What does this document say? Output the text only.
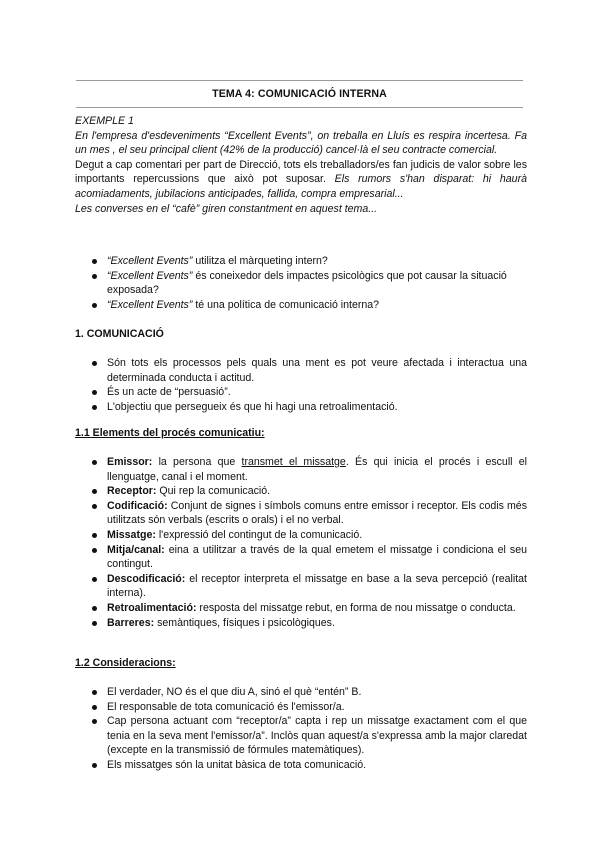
TEMA 4: COMUNICACIÓ INTERNA

EXEMPLE 1

En l'empresa d'esdeveniments “Excellent Events”, on treballa en Lluís es respira incertesa. Fa un mes , el seu principal client (42% de la producció) cancel·là el seu contracte comercial.

Degut a cap comentari per part de Direcció, tots els treballadors/es fan judicis de valor sobre les importants repercussions que això pot suposar. Els rumors s'han disparat: hi haurà acomiadaments, jubilacions anticipades, fallida, compra empresarial...

Les converses en el “cafè” giren constantment en aquest tema...

“Excellent Events” utilitza el màrqueting intern?
“Excellent Events” és coneixedor dels impactes psicològics que pot causar la situació exposada?
“Excellent Events” té una política de comunicació interna?
1. COMUNICACIÓ
Són tots els processos pels quals una ment es pot veure afectada i interactua una determinada conducta i actitud.
És un acte de “persuasió”.
L'objectiu que persegueix és que hi hagi una retroalimentació.
1.1 Elements del procés comunicatiu:
Emissor: la persona que transmet el missatge. És qui inicia el procés i escull el llenguatge, canal i el moment.
Receptor: Qui rep la comunicació.
Codificació: Conjunt de signes i símbols comuns entre emissor i receptor. Els codis més utilitzats són verbals (escrits o orals) i el no verbal.
Missatge: l'expressió del contingut de la comunicació.
Mitja/canal: eina a utilitzar a través de la qual emetem el missatge i condiciona el seu contingut.
Descodificació: el receptor interpreta el missatge en base a la seva percepció (realitat interna).
Retroalimentació: resposta del missatge rebut, en forma de nou missatge o conducta.
Barreres: semàntiques, físiques i psicològiques.
1.2 Consideracions:
El verdader, NO és el que diu A, sinó el què “entén” B.
El responsable de tota comunicació és l'emissor/a.
Cap persona actuant com “receptor/a” capta i rep un missatge exactament com el que tenia en la seva ment l'emissor/a”. Inclòs quan aquest/a s'expressa amb la major claredat (excepte en la transmissió de fórmules matemàtiques).
Els missatges són la unitat bàsica de tota comunicació.
